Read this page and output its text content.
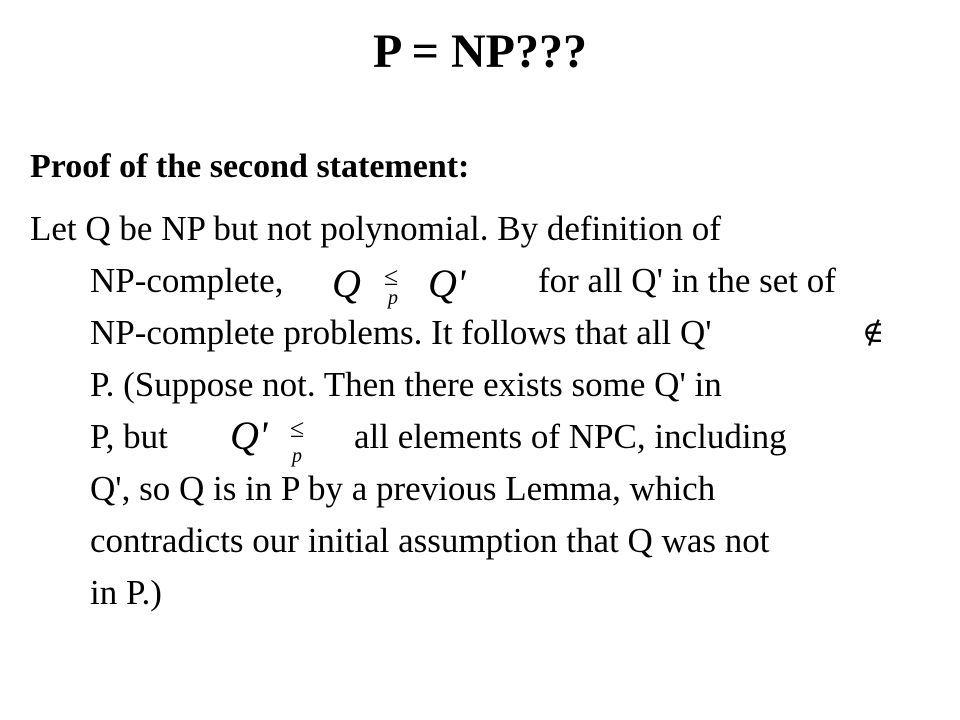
P = NP???
Proof of the second statement:
Let Q be NP but not polynomial. By definition of
NP-complete, Q ≤
p Q' for all Q' in the set of
NP-complete problems. It follows that all Q'	∉
P. (Suppose not. Then there exists some Q' in
P, but Q' ≤
p all elements of NPC, including
Q', so Q is in P by a previous Lemma, which
contradicts our initial assumption that Q was not
in P.)
